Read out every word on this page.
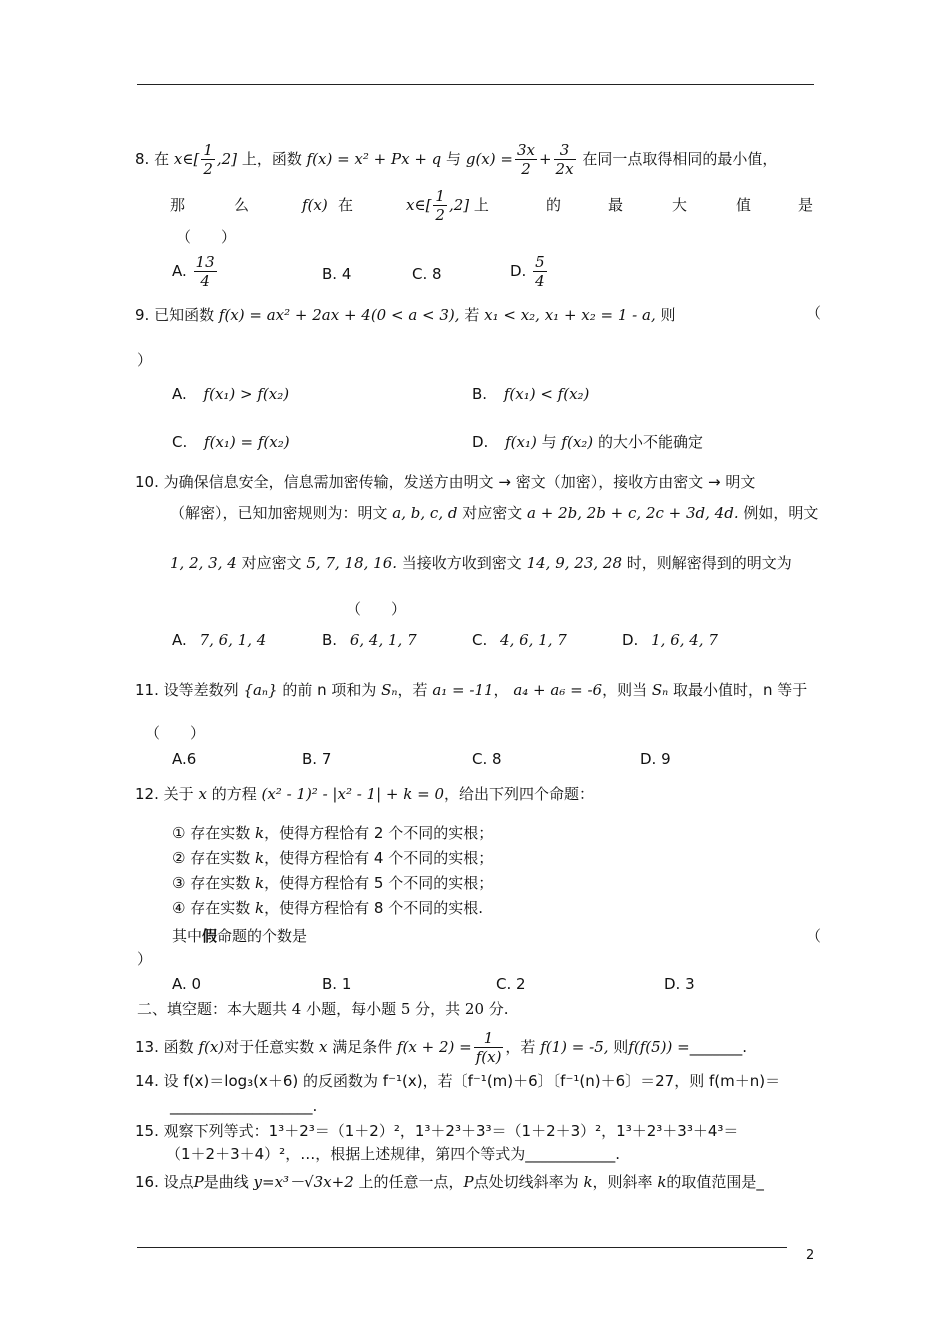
8. 在 x∈[ $\frac{1}{2} ,2$] 上，函数 f(x) = x² + Px + q 与 $g(x) = \frac{3x}{2} + \frac{3}{2x}$ 在同一点取得相同的最小值，
那	么	f(x) 在	x∈[ $\frac{1}{2} ,2$] 上	的	最	大	值	是
（　　）
A. $\frac{13}{4}$	B. 4	C. 8	D. $\frac{5}{4}$
9. 已知函数 f(x) = ax² + 2ax + 4(0 < a < 3), 若 x₁ < x₂, x₁ + x₂ = 1 - a, 则	（
）
A. f(x₁) > f(x₂)	B. f(x₁) < f(x₂)
C. f(x₁) = f(x₂)	D. f(x₁) 与 f(x₂) 的大小不能确定
10. 为确保信息安全，信息需加密传输，发送方由明文 → 密文（加密），接收方由密文 → 明文
（解密），已知加密规则为：明文 a, b, c, d 对应密文 a + 2b, 2b + c, 2c + 3d, 4d. 例如，明文
1, 2, 3, 4 对应密文 5, 7, 18, 16. 当接收方收到密文 14, 9, 23, 28 时，则解密得到的明文为
（　　）
A. 7, 6, 1, 4	B. 6, 4, 1, 7	C. 4, 6, 1, 7	D. 1, 6, 4, 7
11. 设等差数列 {aₙ} 的前 n 项和为 Sₙ，若 a₁ = -11， a₄ + a₆ = -6，则当 Sₙ 取最小值时，n 等于
（　　）
A.6	B. 7	C. 8	D. 9
12. 关于 x 的方程 (x² - 1)² - |x² - 1| + k = 0，给出下列四个命题：
① 存在实数 k，使得方程恰有 2 个不同的实根；
② 存在实数 k，使得方程恰有 4 个不同的实根；
③ 存在实数 k，使得方程恰有 5 个不同的实根；
④ 存在实数 k，使得方程恰有 8 个不同的实根.
其中假命题的个数是	（
）
A. 0	B. 1	C. 2	D. 3
二、填空题：本大题共 4 小题，每小题 5 分，共 20 分.
13. 函数 f(x)对于任意实数 x 满足条件 $f(x + 2) = \frac{1}{f(x)}$ ，若 f(1) = -5, 则f(f(5)) =_______.
14. 设 f(x)＝log₃(x＋6) 的反函数为 f⁻¹(x)，若〔f⁻¹(m)＋6〕〔f⁻¹(n)＋6〕＝27，则 f(m＋n)＝
___________________.
15. 观察下列等式：1³＋2³＝（1＋2）²，1³＋2³＋3³＝（1＋2＋3）²，1³＋2³＋3³＋4³＝
（1＋2＋3＋4）²，…，根据上述规律，第四个等式为____________.
16. 设点P是曲线 y=x³－√3x+2 上的任意一点，P点处切线斜率为 k，则斜率 k的取值范围是_
2
